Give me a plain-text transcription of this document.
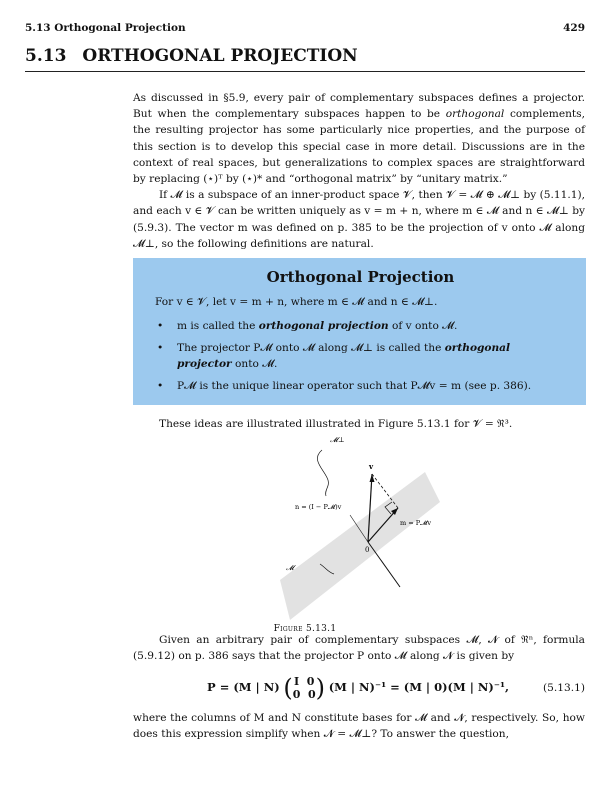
5.13 Orthogonal Projection	429
5.13 ORTHOGONAL PROJECTION

As discussed in §5.9, every pair of complementary subspaces defines a projector. But when the complementary subspaces happen to be orthogonal complements, the resulting projector has some particularly nice properties, and the purpose of this section is to develop this special case in more detail. Discussions are in the context of real spaces, but generalizations to complex spaces are straightforward by replacing (⋆)ᵀ by (⋆)* and “orthogonal matrix” by “unitary matrix.”

If 𝓜 is a subspace of an inner-product space 𝓥, then 𝓥 = 𝓜 ⊕ 𝓜⊥ by (5.11.1), and each v ∈ 𝓥 can be written uniquely as v = m + n, where m ∈ 𝓜 and n ∈ 𝓜⊥ by (5.9.3). The vector m was defined on p. 385 to be the projection of v onto 𝓜 along 𝓜⊥, so the following definitions are natural.

Orthogonal Projection
For v ∈ 𝓥, let v = m + n, where m ∈ 𝓜 and n ∈ 𝓜⊥.
• m is called the orthogonal projection of v onto 𝓜.
• The projector P𝓜 onto 𝓜 along 𝓜⊥ is called the orthogonal projector onto 𝓜.
• P𝓜 is the unique linear operator such that P𝓜v = m (see p. 386).
These ideas are illustrated illustrated in Figure 5.13.1 for 𝓥 = ℜ³.
𝓜⊥
v
n = (I − P𝓜)v
m = P𝓜v
0
𝓜
Figure 5.13.1
Given an arbitrary pair of complementary subspaces 𝓜, 𝓝 of ℜⁿ, formula (5.9.12) on p. 386 says that the projector P onto 𝓜 along 𝓝 is given by
P = (M | N) (I  0
0  0) (M | N)⁻¹ = (M | 0)(M | N)⁻¹,	(5.13.1)
where the columns of M and N constitute bases for 𝓜 and 𝓝, respectively. So, how does this expression simplify when 𝓝 = 𝓜⊥? To answer the question,
